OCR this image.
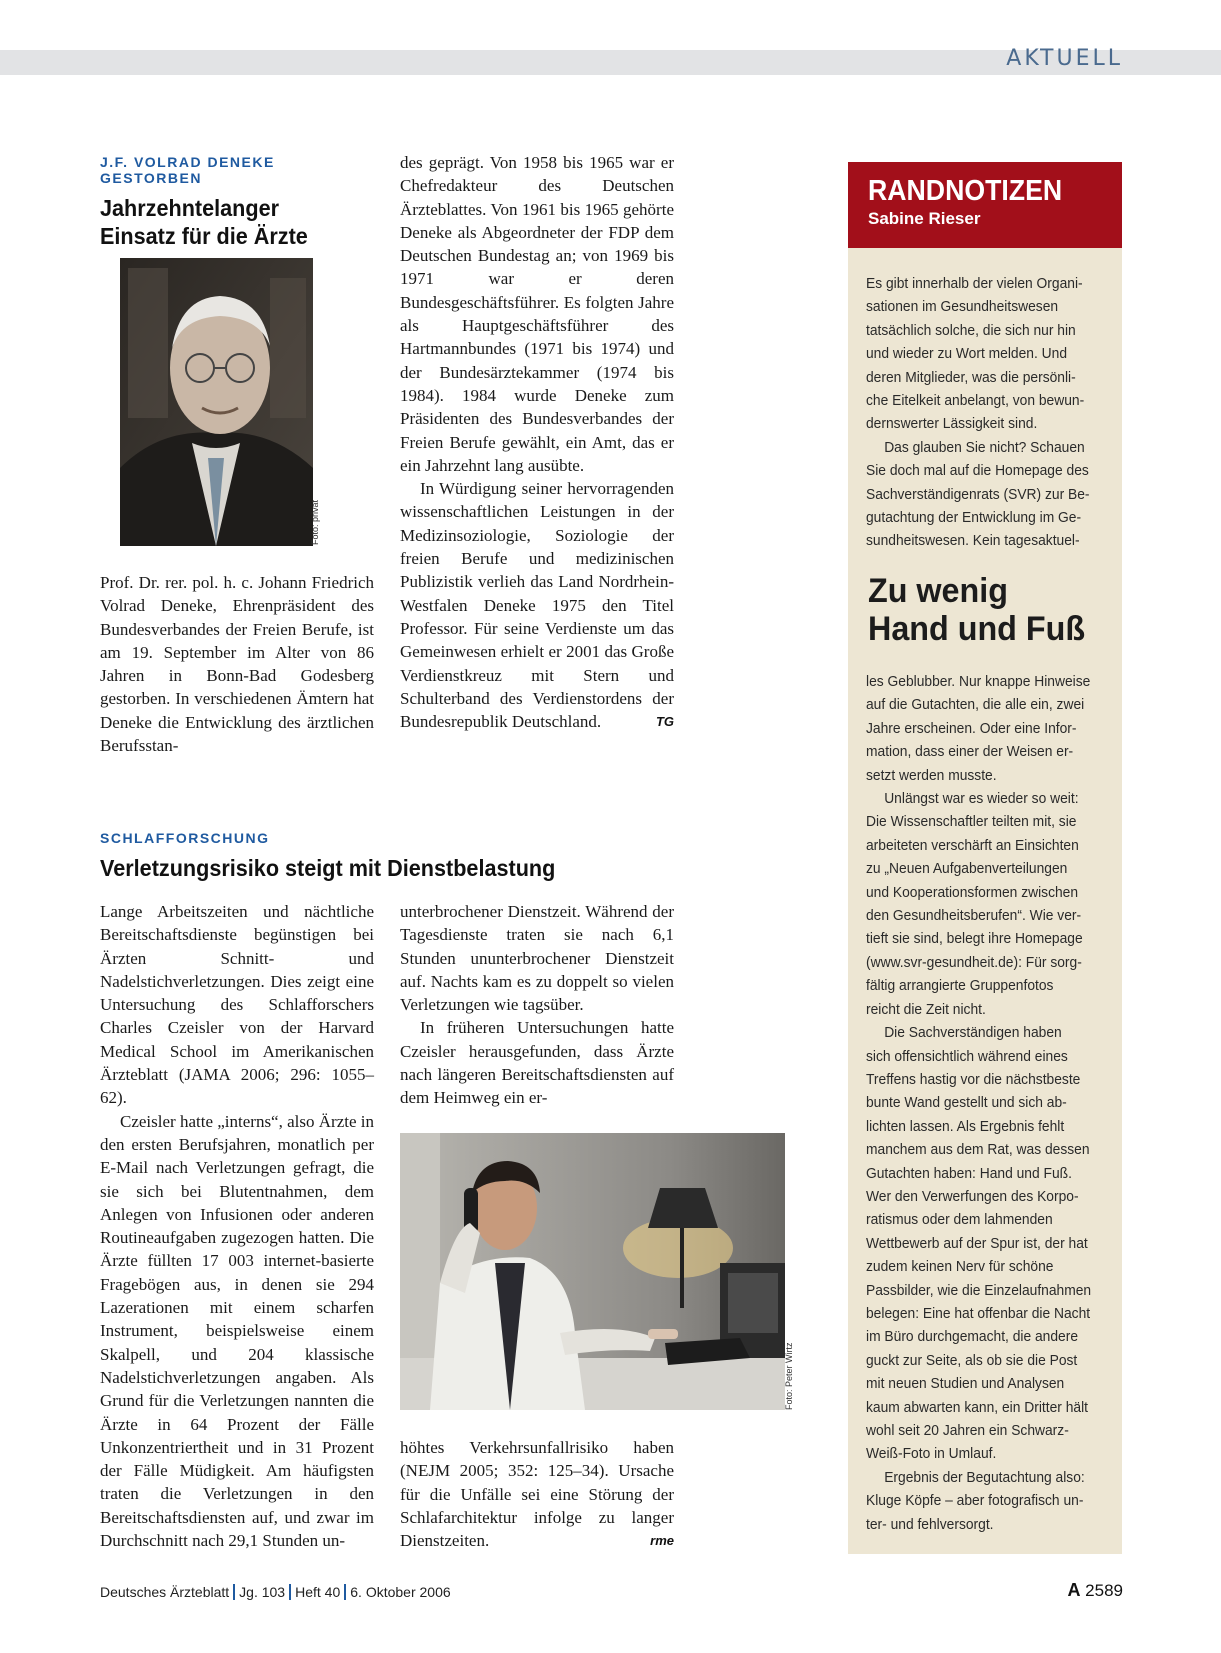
AKTUELL

J.F. VOLRAD DENEKE GESTORBEN

Jahrzehntelanger

Einsatz für die Ärzte

Foto: privat

Prof. Dr. rer. pol. h. c. Johann Friedrich Volrad Deneke, Ehrenpräsident des Bundesverbandes der Freien Berufe, ist am 19. September im Alter von 86 Jahren in Bonn-Bad Godesberg gestorben. In verschiedenen Ämtern hat Deneke die Entwicklung des ärztlichen Berufsstan-

des geprägt. Von 1958 bis 1965 war er Chefredakteur des Deutschen Ärzteblattes. Von 1961 bis 1965 gehörte Deneke als Abgeordneter der FDP dem Deutschen Bundestag an; von 1969 bis 1971 war er deren Bundesgeschäftsführer. Es folgten Jahre als Hauptgeschäftsführer des Hartmannbundes (1971 bis 1974) und der Bundesärztekammer (1974 bis 1984). 1984 wurde Deneke zum Präsidenten des Bundesverbandes der Freien Berufe gewählt, ein Amt, das er ein Jahrzehnt lang ausübte.

In Würdigung seiner hervorragenden wissenschaftlichen Leistungen in der Medizinsoziologie, Soziologie der freien Berufe und medizinischen Publizistik verlieh das Land Nordrhein-Westfalen Deneke 1975 den Titel Professor. Für seine Verdienste um das Gemeinwesen erhielt er 2001 das Große Verdienstkreuz mit Stern und Schulterband des Verdienstordens der Bundesrepublik Deutschland.	TG

SCHLAFFORSCHUNG

Verletzungsrisiko steigt mit Dienstbelastung

Lange Arbeitszeiten und nächtliche Bereitschaftsdienste begünstigen bei Ärzten Schnitt- und Nadelstichverletzungen. Dies zeigt eine Untersuchung des Schlafforschers Charles Czeisler von der Harvard Medical School im Amerikanischen Ärzteblatt (JAMA 2006; 296: 1055–62).

Czeisler hatte „interns“, also Ärzte in den ersten Berufsjahren, monatlich per E-Mail nach Verletzungen gefragt, die sie sich bei Blutentnahmen, dem Anlegen von Infusionen oder anderen Routineaufgaben zugezogen hatten. Die Ärzte füllten 17 003 internet-basierte Fragebögen aus, in denen sie 294 Lazerationen mit einem scharfen Instrument, beispielsweise einem Skalpell, und 204 klassische Nadelstichverletzungen angaben. Als Grund für die Verletzungen nannten die Ärzte in 64 Prozent der Fälle Unkonzentriertheit und in 31 Prozent der Fälle Müdigkeit. Am häufigsten traten die Verletzungen in den Bereitschaftsdiensten auf, und zwar im Durchschnitt nach 29,1 Stunden un-

unterbrochener Dienstzeit. Während der Tagesdienste traten sie nach 6,1 Stunden ununterbrochener Dienstzeit auf. Nachts kam es zu doppelt so vielen Verletzungen wie tagsüber.

In früheren Untersuchungen hatte Czeisler herausgefunden, dass Ärzte nach längeren Bereitschaftsdiensten auf dem Heimweg ein er-

Foto: Peter Wirtz

höhtes Verkehrsunfallrisiko haben (NEJM 2005; 352: 125–34). Ursache für die Unfälle sei eine Störung der Schlafarchitektur infolge zu langer Dienstzeiten.	rme

RANDNOTIZEN
Sabine Rieser

Es gibt innerhalb der vielen Organi-

sationen im Gesundheitswesen

tatsächlich solche, die sich nur hin

und wieder zu Wort melden. Und

deren Mitglieder, was die persönli-

che Eitelkeit anbelangt, von bewun-

dernswerter Lässigkeit sind.

Das glauben Sie nicht? Schauen

Sie doch mal auf die Homepage des

Sachverständigenrats (SVR) zur Be-

gutachtung der Entwicklung im Ge-

sundheitswesen. Kein tagesaktuel-

Zu wenig
Hand und Fuß

les Geblubber. Nur knappe Hinweise

auf die Gutachten, die alle ein, zwei

Jahre erscheinen. Oder eine Infor-

mation, dass einer der Weisen er-

setzt werden musste.

Unlängst war es wieder so weit:

Die Wissenschaftler teilten mit, sie

arbeiteten verschärft an Einsichten

zu „Neuen Aufgabenverteilungen

und Kooperationsformen zwischen

den Gesundheitsberufen“. Wie ver-

tieft sie sind, belegt ihre Homepage

(www.svr-gesundheit.de): Für sorg-

fältig arrangierte Gruppenfotos

reicht die Zeit nicht.

Die Sachverständigen haben

sich offensichtlich während eines

Treffens hastig vor die nächstbeste

bunte Wand gestellt und sich ab-

lichten lassen. Als Ergebnis fehlt

manchem aus dem Rat, was dessen

Gutachten haben: Hand und Fuß.

Wer den Verwerfungen des Korpo-

ratismus oder dem lahmenden

Wettbewerb auf der Spur ist, der hat

zudem keinen Nerv für schöne

Passbilder, wie die Einzelaufnahmen

belegen: Eine hat offenbar die Nacht

im Büro durchgemacht, die andere

guckt zur Seite, als ob sie die Post

mit neuen Studien und Analysen

kaum abwarten kann, ein Dritter hält

wohl seit 20 Jahren ein Schwarz-

Weiß-Foto in Umlauf.

Ergebnis der Begutachtung also:

Kluge Köpfe – aber fotografisch un-

ter- und fehlversorgt.

Deutsches Ärzteblatt Jg. 103 Heft 40 6. Oktober 2006	A 2589
